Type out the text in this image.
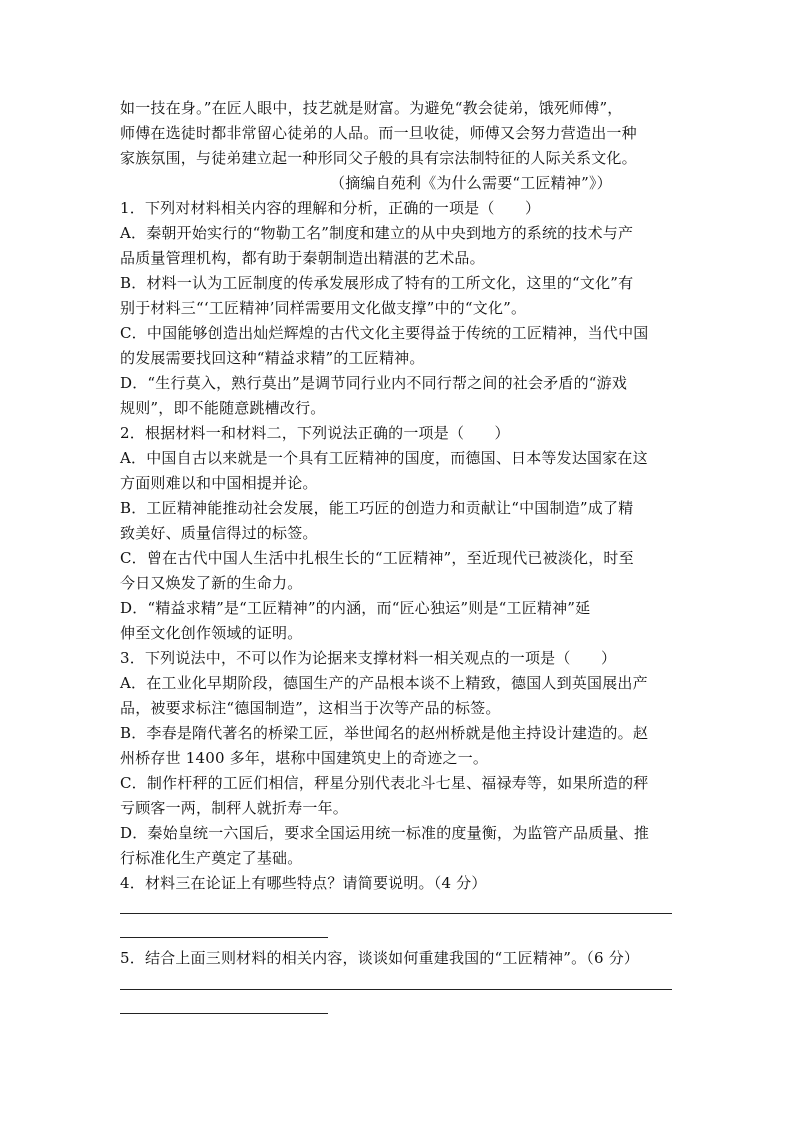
如一技在身。”在匠人眼中，技艺就是财富。为避免“教会徒弟，饿死师傅”，
师傅在选徒时都非常留心徒弟的人品。而一旦收徒，师傅又会努力营造出一种
家族氛围，与徒弟建立起一种形同父子般的具有宗法制特征的人际关系文化。
（摘编自苑利《为什么需要“工匠精神”》）
1．下列对材料相关内容的理解和分析，正确的一项是（　　）
A．秦朝开始实行的“物勒工名”制度和建立的从中央到地方的系统的技术与产
品质量管理机构，都有助于秦朝制造出精湛的艺术品。
B．材料一认为工匠制度的传承发展形成了特有的工所文化，这里的“文化”有
别于材料三“‘工匠精神’同样需要用文化做支撑”中的“文化”。
C．中国能够创造出灿烂辉煌的古代文化主要得益于传统的工匠精神，当代中国
的发展需要找回这种“精益求精”的工匠精神。
D．“生行莫入，熟行莫出”是调节同行业内不同行帮之间的社会矛盾的“游戏
规则”，即不能随意跳槽改行。
2．根据材料一和材料二，下列说法正确的一项是（　　）
A．中国自古以来就是一个具有工匠精神的国度，而德国、日本等发达国家在这
方面则难以和中国相提并论。
B．工匠精神能推动社会发展，能工巧匠的创造力和贡献让“中国制造”成了精
致美好、质量信得过的标签。
C．曾在古代中国人生活中扎根生长的“工匠精神”，至近现代已被淡化，时至
今日又焕发了新的生命力。
D．“精益求精”是“工匠精神”的内涵，而“匠心独运”则是“工匠精神”延
伸至文化创作领域的证明。
3．下列说法中，不可以作为论据来支撑材料一相关观点的一项是（　　）
A．在工业化早期阶段，德国生产的产品根本谈不上精致，德国人到英国展出产
品，被要求标注“德国制造”，这相当于次等产品的标签。
B．李春是隋代著名的桥梁工匠，举世闻名的赵州桥就是他主持设计建造的。赵
州桥存世 1400 多年，堪称中国建筑史上的奇迹之一。
C．制作杆秤的工匠们相信，秤星分别代表北斗七星、福禄寿等，如果所造的秤
亏顾客一两，制秤人就折寿一年。
D．秦始皇统一六国后，要求全国运用统一标准的度量衡，为监管产品质量、推
行标准化生产奠定了基础。
4．材料三在论证上有哪些特点？请简要说明。（4 分）
5．结合上面三则材料的相关内容，谈谈如何重建我国的“工匠精神”。（6 分）
